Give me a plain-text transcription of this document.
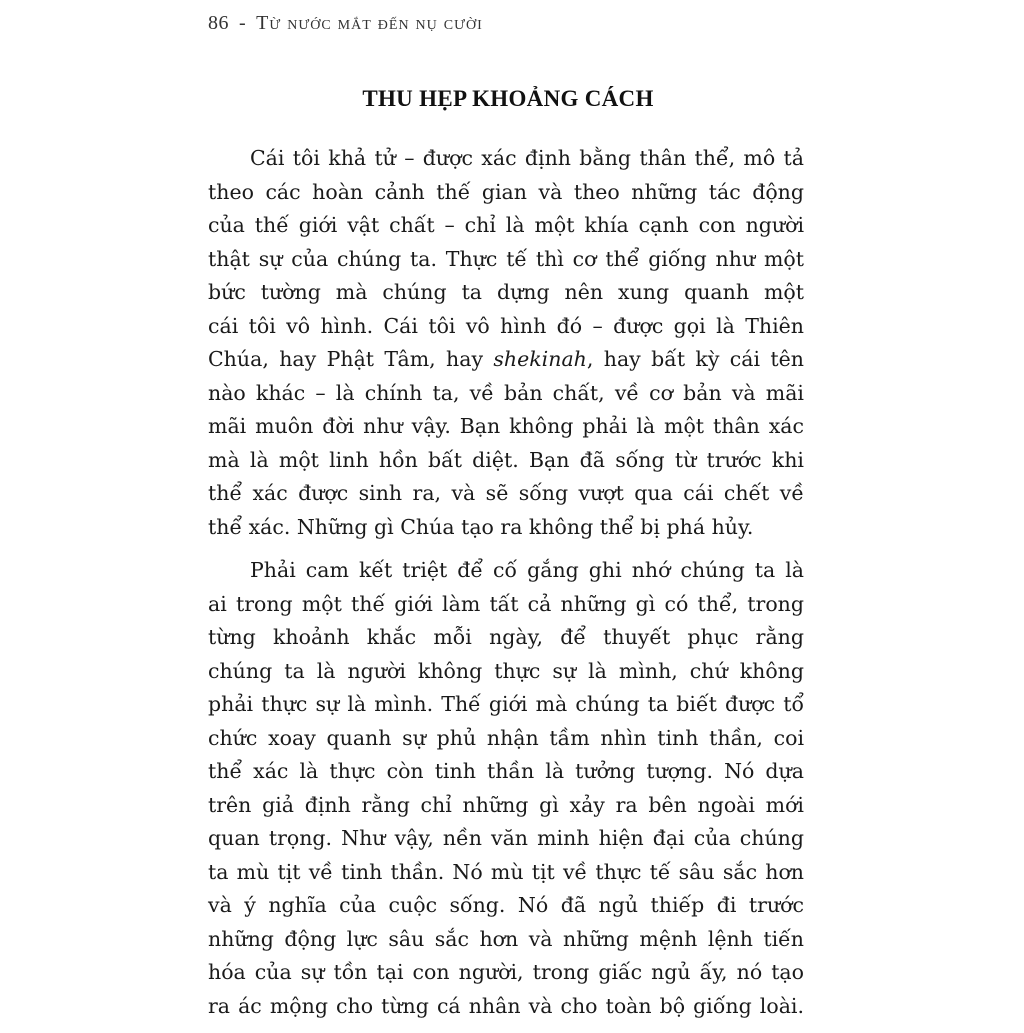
86 - Từ nước mắt đến nụ cười
THU HẸP KHOẢNG CÁCH
Cái tôi khả tử – được xác định bằng thân thể, mô tả
theo các hoàn cảnh thế gian và theo những tác động
của thế giới vật chất – chỉ là một khía cạnh con người
thật sự của chúng ta. Thực tế thì cơ thể giống như một
bức tường mà chúng ta dựng nên xung quanh một
cái tôi vô hình. Cái tôi vô hình đó – được gọi là Thiên
Chúa, hay Phật Tâm, hay shekinah, hay bất kỳ cái tên
nào khác – là chính ta, về bản chất, về cơ bản và mãi
mãi muôn đời như vậy. Bạn không phải là một thân xác
mà là một linh hồn bất diệt. Bạn đã sống từ trước khi
thể xác được sinh ra, và sẽ sống vượt qua cái chết về
thể xác. Những gì Chúa tạo ra không thể bị phá hủy.
Phải cam kết triệt để cố gắng ghi nhớ chúng ta là
ai trong một thế giới làm tất cả những gì có thể, trong
từng khoảnh khắc mỗi ngày, để thuyết phục rằng
chúng ta là người không thực sự là mình, chứ không
phải thực sự là mình. Thế giới mà chúng ta biết được tổ
chức xoay quanh sự phủ nhận tầm nhìn tinh thần, coi
thể xác là thực còn tinh thần là tưởng tượng. Nó dựa
trên giả định rằng chỉ những gì xảy ra bên ngoài mới
quan trọng. Như vậy, nền văn minh hiện đại của chúng
ta mù tịt về tinh thần. Nó mù tịt về thực tế sâu sắc hơn
và ý nghĩa của cuộc sống. Nó đã ngủ thiếp đi trước
những động lực sâu sắc hơn và những mệnh lệnh tiến
hóa của sự tồn tại con người, trong giấc ngủ ấy, nó tạo
ra ác mộng cho từng cá nhân và cho toàn bộ giống loài.
